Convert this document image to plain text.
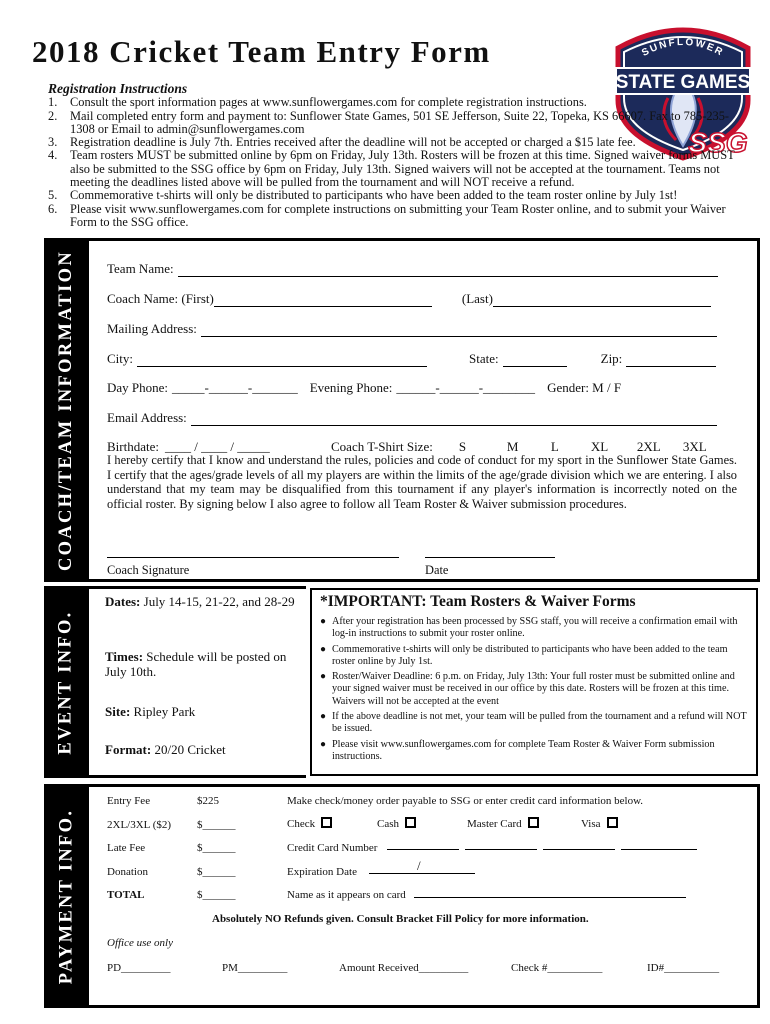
2018 Cricket Team Entry Form	SUNFLOWER
STATE GAMES
SSG
Registration Instructions
1.	Consult the sport information pages at www.sunflowergames.com for complete registration instructions.
2.	Mail completed entry form and payment to: Sunflower State Games, 501 SE Jefferson, Suite 22, Topeka, KS 66607. Fax to 785-235-1308 or Email to admin@sunflowergames.com
3.	Registration deadline is July 7th. Entries received after the deadline will not be accepted or charged a $15 late fee.
4.	Team rosters MUST be submitted online by 6pm on Friday, July 13th. Rosters will be frozen at this time. Signed waiver forms MUST also be submitted to the SSG office by 6pm on Friday, July 13th. Signed waivers will not be accepted at the tournament. Teams not meeting the deadlines listed above will be pulled from the tournament and will NOT receive a refund.
5.	Commemorative t-shirts will only be distributed to participants who have been added to the team roster online by July 1st!
6.	Please visit www.sunflowergames.com for complete instructions on submitting your Team Roster online, and to submit your Waiver Form to the SSG office.
COACH/TEAM INFORMATION Team Name:
Coach Name: (First)	(Last)
Mailing Address:
City:	State:	Zip:
Day Phone: _____-______-_______ Evening Phone: ______-______-________ Gender: M / F
Email Address:
Birthdate: ____ / ____ / _____	Coach T-Shirt Size: S	M	L	XL	2XL	3XL
I hereby certify that I know and understand the rules, policies and code of conduct for my sport in the Sunflower State Games. I certify that the ages/grade levels of all my players are within the limits of the age/grade division which we are entering. I also understand that my team may be disqualified from this tournament if any player's information is incorrectly noted on the official roster. By signing below I also agree to follow all Team Roster & Waiver submission procedures.
Coach Signature	Date
EVENT INFO.
Dates: July 14-15, 21-22, and 28-29
Times: Schedule will be posted on July 10th.
Site: Ripley Park
Format: 20/20 Cricket
*IMPORTANT: Team Rosters & Waiver Forms
● After your registration has been processed by SSG staff, you will receive a confirmation email with log-in instructions to submit your roster online.
● Commemorative t-shirts will only be distributed to participants who have been added to the team roster online by July 1st.
● Roster/Waiver Deadline: 6 p.m. on Friday, July 13th: Your full roster must be submitted online and your signed waiver must be received in our office by this date. Rosters will be frozen at this time. Waivers will not be accepted at the event
● If the above deadline is not met, your team will be pulled from the tournament and a refund will NOT be issued.
● Please visit www.sunflowergames.com for complete Team Roster & Waiver Form submission instructions.
PAYMENT INFO.
Entry Fee	$225
2XL/3XL ($2) $______
Late Fee	$______
Donation	$______
TOTAL	$______
Make check/money order payable to SSG or enter credit card information below.
Check	Cash	Master Card	Visa
Credit Card Number
Expiration Date	/
Name as it appears on card
Absolutely NO Refunds given. Consult Bracket Fill Policy for more information.
Office use only
PD_________	PM_________	Amount Received_________	Check #__________	ID#__________
